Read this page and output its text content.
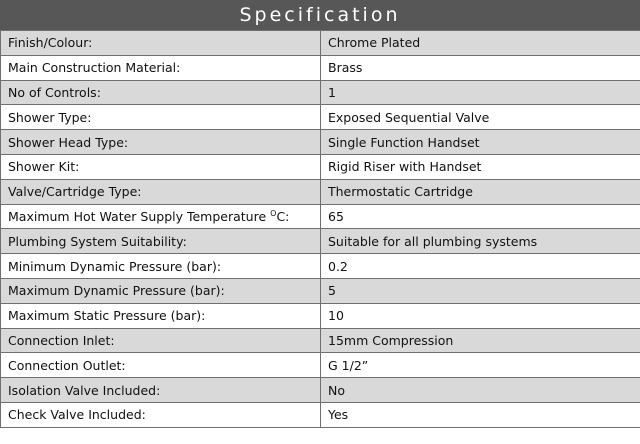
Specification
Finish/Colour:	Chrome Plated
Main Construction Material:	Brass
No of Controls:	1
Shower Type:	Exposed Sequential Valve
Shower Head Type:	Single Function Handset
Shower Kit:	Rigid Riser with Handset
Valve/Cartridge Type:	Thermostatic Cartridge
Maximum Hot Water Supply Temperature $^O$C:	65
Plumbing System Suitability:	Suitable for all plumbing systems
Minimum Dynamic Pressure (bar):	0.2
Maximum Dynamic Pressure (bar):	5
Maximum Static Pressure (bar):	10
Connection Inlet:	15mm Compression
Connection Outlet:	G 1/2”
Isolation Valve Included:	No
Check Valve Included:	Yes
